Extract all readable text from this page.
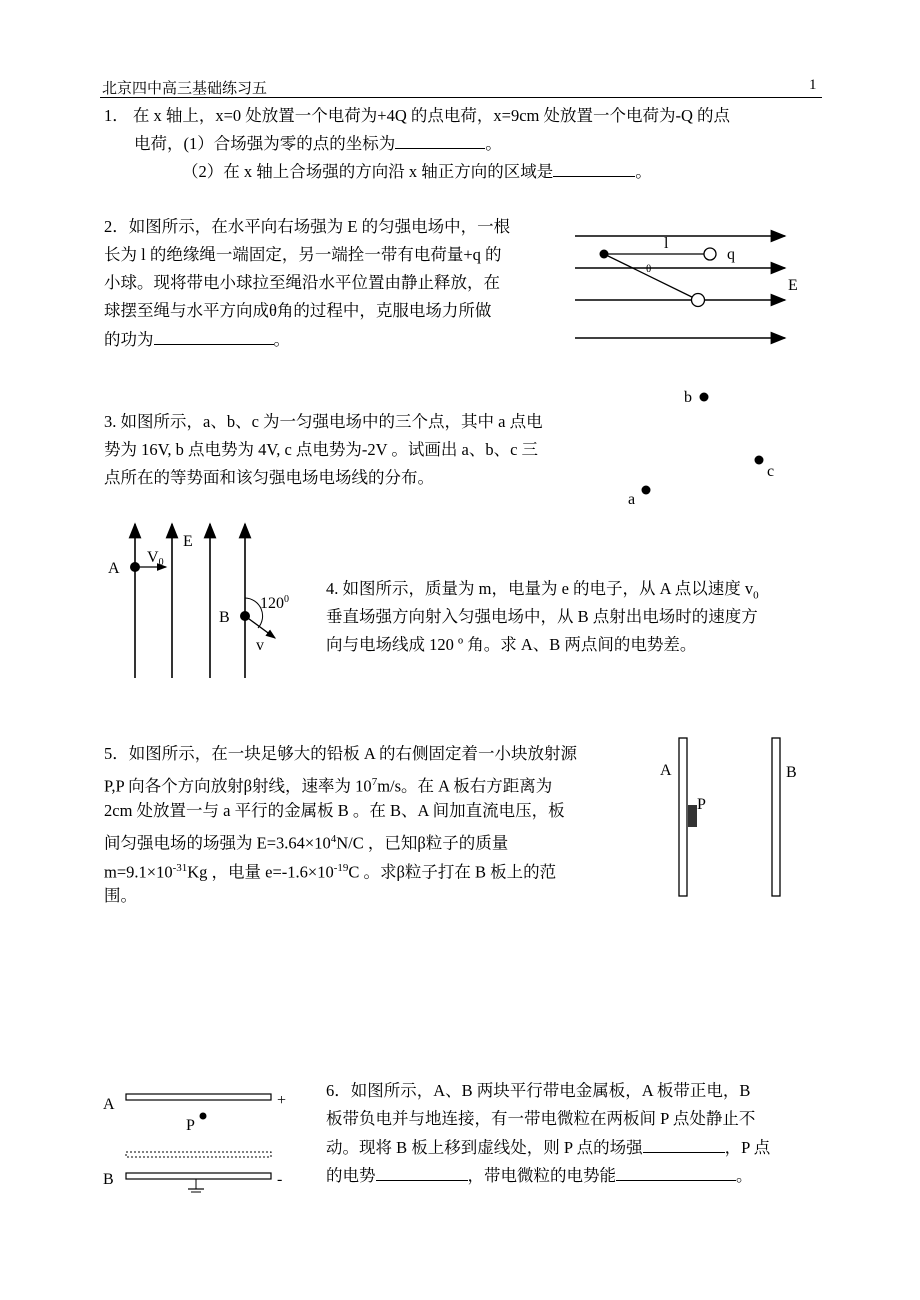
北京四中高三基础练习五	1
1． 在 x 轴上，x=0 处放置一个电荷为+4Q 的点电荷，x=9cm 处放置一个电荷为-Q 的点
电荷，(1）合场强为零的点的坐标为	。
（2）在 x 轴上合场强的方向沿 x 轴正方向的区域是	。
2．如图所示，在水平向右场强为 E 的匀强电场中，一根
长为 l 的绝缘绳一端固定，另一端拴一带有电荷量+q 的
小球。现将带电小球拉至绳沿水平位置由静止释放，在
球摆至绳与水平方向成θ角的过程中，克服电场力所做
的功为	。
l
q
θ
E
3. 如图所示，a、b、c 为一匀强电场中的三个点，其中 a 点电
势为 16V, b 点电势为 4V, c 点电势为-2V 。试画出 a、b、c 三
点所在的等势面和该匀强电场电场线的分布。
b
c
a
E
A
V0
B
$120^0$
v
4. 如图所示，质量为 m，电量为 e 的电子，从 A 点以速度 $v_0$
垂直场强方向射入匀强电场中，从 B 点射出电场时的速度方
向与电场线成 120 º 角。求 A、B 两点间的电势差。
5．如图所示，在一块足够大的铅板 A 的右侧固定着一小块放射源
P,P 向各个方向放射β射线，速率为 $10^7m/s$。在 A 板右方距离为
2cm 处放置一与 a 平行的金属板 B 。在 B、A 间加直流电压，板
间匀强电场的场强为 $E=3.64\times 10^4N/C$ ，已知β粒子的质量
$m=9.1\times 10^{-31}Kg$ ，电量 $e=-1.6\times 10^{-19}C$ 。求β粒子打在 B 板上的范
围。
A
P
B
A	+
P
B	-
6．如图所示，A、B 两块平行带电金属板，A 板带正电，B
板带负电并与地连接，有一带电微粒在两板间 P 点处静止不
动。现将 B 板上移到虚线处，则 P 点的场强	，P 点
的电势	，带电微粒的电势能	。
